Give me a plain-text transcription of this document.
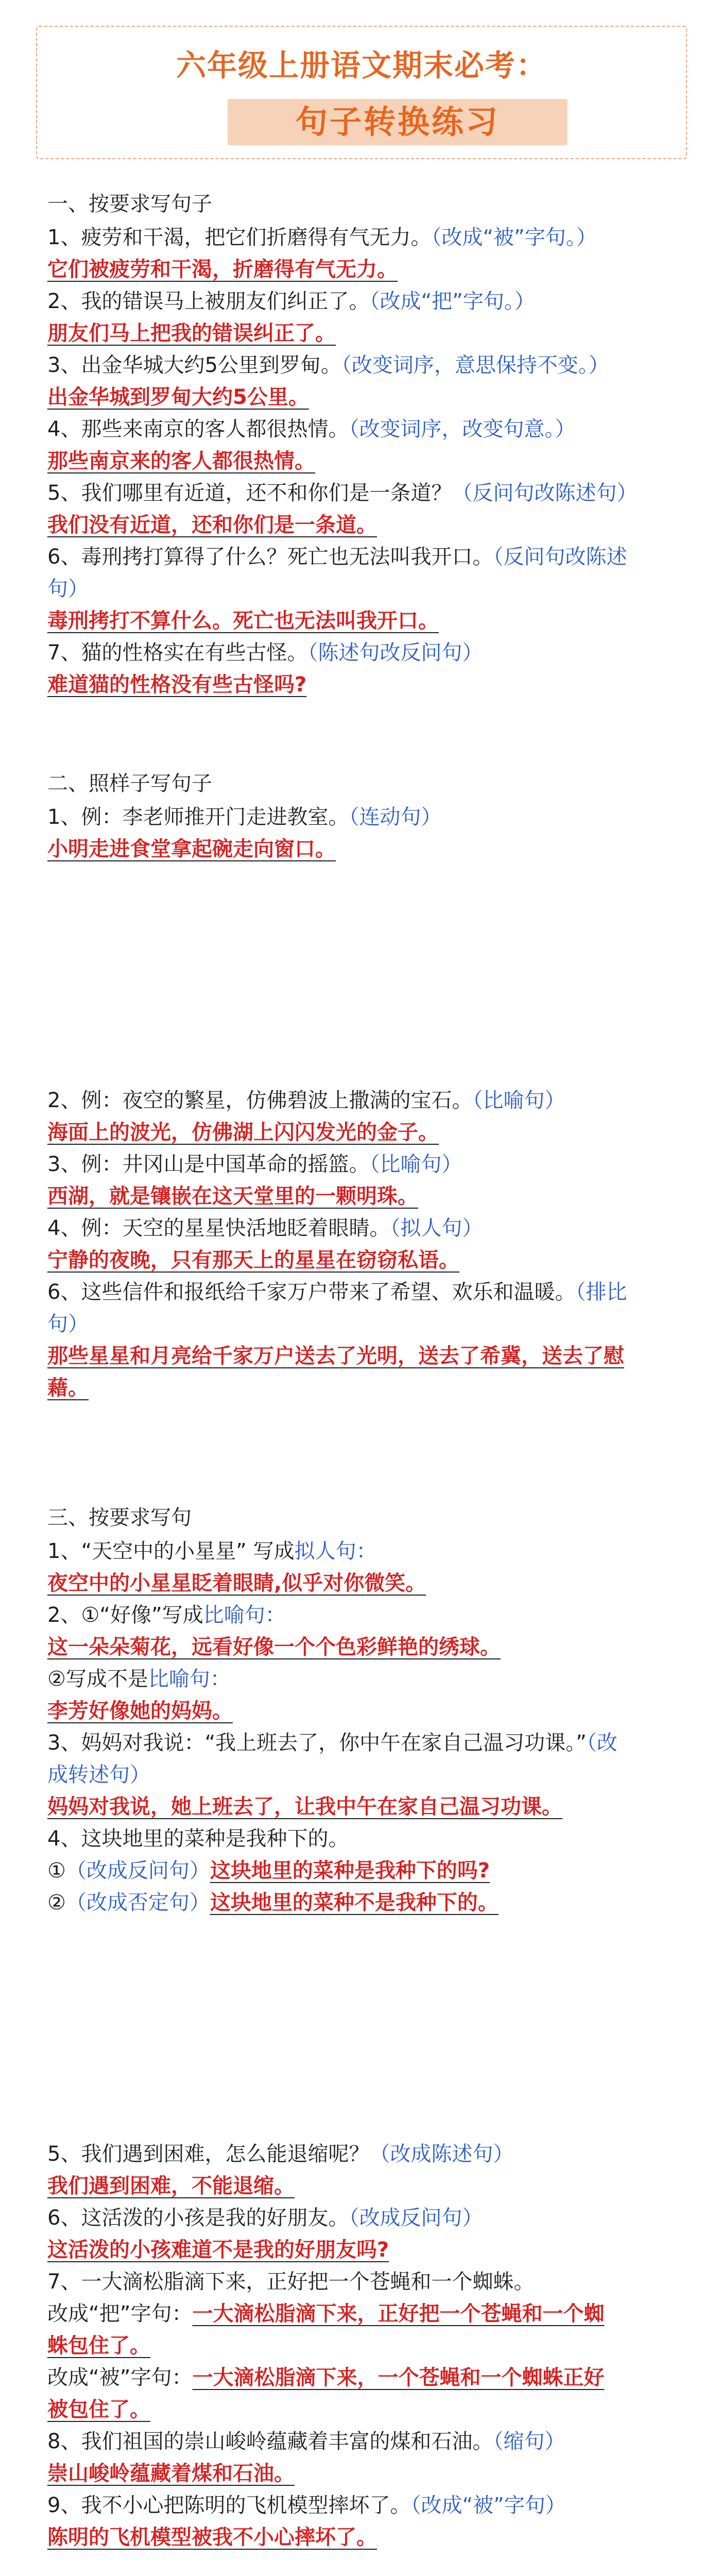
六年级上册语文期末必考：
句子转换练习
一、按要求写句子
1、疲劳和干渴，把它们折磨得有气无力。（改成“被”字句。）
它们被疲劳和干渴，折磨得有气无力。
2、我的错误马上被朋友们纠正了。（改成“把”字句。）
朋友们马上把我的错误纠正了。
3、出金华城大约5公里到罗甸。（改变词序，意思保持不变。）
出金华城到罗甸大约5公里。
4、那些来南京的客人都很热情。（改变词序，改变句意。）
那些南京来的客人都很热情。
5、我们哪里有近道，还不和你们是一条道？（反问句改陈述句）
我们没有近道，还和你们是一条道。
6、毒刑拷打算得了什么？死亡也无法叫我开口。（反问句改陈述
句）
毒刑拷打不算什么。死亡也无法叫我开口。
7、猫的性格实在有些古怪。（陈述句改反问句）
难道猫的性格没有些古怪吗?
二、照样子写句子
1、例：李老师推开门走进教室。（连动句）
小明走进食堂拿起碗走向窗口。
2、例：夜空的繁星，仿佛碧波上撒满的宝石。（比喻句）
海面上的波光，仿佛湖上闪闪发光的金子。
3、例：井冈山是中国革命的摇篮。（比喻句）
西湖，就是镶嵌在这天堂里的一颗明珠。
4、例：天空的星星快活地眨着眼睛。（拟人句）
宁静的夜晚，只有那天上的星星在窃窃私语。
6、这些信件和报纸给千家万户带来了希望、欢乐和温暖。（排比
句）
那些星星和月亮给千家万户送去了光明，送去了希冀，送去了慰
藉。
三、按要求写句
1、“天空中的小星星” 写成拟人句：
夜空中的小星星眨着眼睛,似乎对你微笑。
2、①“好像”写成比喻句：
这一朵朵菊花，远看好像一个个色彩鲜艳的绣球。
②写成不是比喻句：
李芳好像她的妈妈。
3、妈妈对我说：“我上班去了，你中午在家自己温习功课。”（改
成转述句）
妈妈对我说，她上班去了，让我中午在家自己温习功课。
4、这块地里的菜种是我种下的。
①（改成反问句）这块地里的菜种是我种下的吗?
②（改成否定句）这块地里的菜种不是我种下的。
5、我们遇到困难，怎么能退缩呢？（改成陈述句）
我们遇到困难，不能退缩。
6、这活泼的小孩是我的好朋友。（改成反问句）
这活泼的小孩难道不是我的好朋友吗?
7、一大滴松脂滴下来，正好把一个苍蝇和一个蜘蛛。
改成“把”字句：一大滴松脂滴下来，正好把一个苍蝇和一个蜘
蛛包住了。
改成“被”字句：一大滴松脂滴下来，一个苍蝇和一个蜘蛛正好
被包住了。
8、我们祖国的崇山峻岭蕴藏着丰富的煤和石油。（缩句）
崇山峻岭蕴藏着煤和石油。
9、我不小心把陈明的飞机模型摔坏了。（改成“被”字句）
陈明的飞机模型被我不小心摔坏了。
